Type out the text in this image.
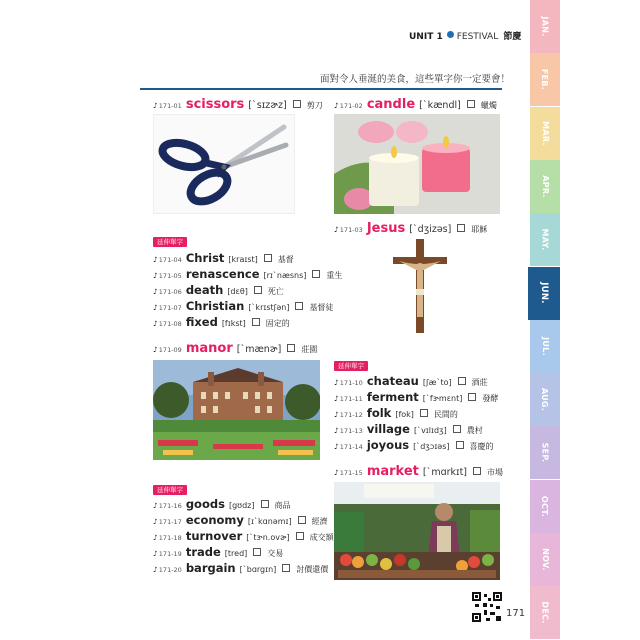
UNIT 1 FESTIVAL 節慶
面對令人垂涎的美食，這些單字你一定要會！
♪171-01 scissors [ˋsɪzɚz]	剪刀
延伸單字
♪171-04 Christ [kraɪst]	基督
♪171-05 renascence [rɪˋnæsns]	重生
♪171-06 death [dɛθ]	死亡
♪171-07 Christian [ˋkrɪstʃən]	基督徒
♪171-08 fixed [fɪkst]	固定的
♪171-09 manor [ˋmænɚ]	莊園
延伸單字
♪171-16 goods [gʊdz]	商品
♪171-17 economy [ɪˋkɑnəmɪ]	經濟
♪171-18 turnover [ˋtɝn.ovɚ]	成交額
♪171-19 trade [tred]	交易
♪171-20 bargain [ˋbɑrgɪn]	討價還價
♪171-02 candle [ˋkændl]	蠟燭
♪171-03 Jesus [ˋdʒizəs]	耶穌
延伸單字
♪171-10 chateau [ʃæˋto]	酒莊
♪171-11 ferment [ˋfɝmɛnt]	發酵
♪171-12 folk [fok]	民間的
♪171-13 village [ˋvɪlɪdʒ]	農村
♪171-14 joyous [ˋdʒɔɪəs]	喜慶的
♪171-15 market [ˋmɑrkɪt]	市場
171
JAN.
FEB.
MAR.
APR.
MAY.
JUN.
JUL.
AUG.
SEP.
OCT.
NOV.
DEC.
